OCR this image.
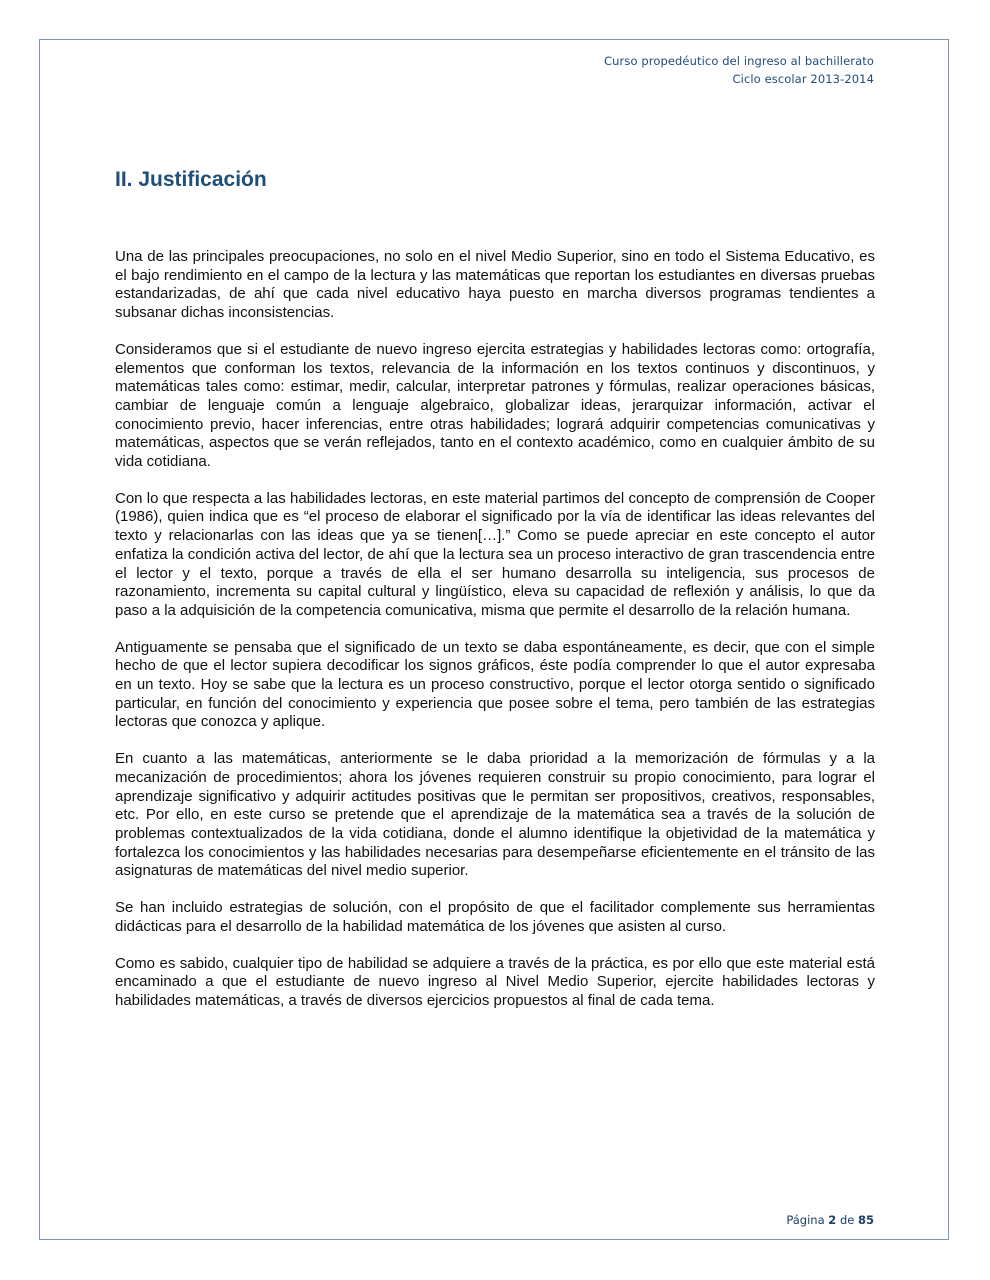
Curso propedéutico del ingreso al bachillerato
Ciclo escolar 2013-2014
II. Justificación

Una de las principales preocupaciones, no solo en el nivel Medio Superior, sino en todo el Sistema Educativo, es el bajo rendimiento en el campo de la lectura y las matemáticas que reportan los estudiantes en diversas pruebas estandarizadas, de ahí que cada nivel educativo haya puesto en marcha diversos programas tendientes a subsanar dichas inconsistencias.

Consideramos que si el estudiante de nuevo ingreso ejercita estrategias y habilidades lectoras como: ortografía, elementos que conforman los textos, relevancia de la información en los textos continuos y discontinuos, y matemáticas tales como: estimar, medir, calcular, interpretar patrones y fórmulas, realizar operaciones básicas, cambiar de lenguaje común a lenguaje algebraico, globalizar ideas, jerarquizar información, activar el conocimiento previo, hacer inferencias, entre otras habilidades; logrará adquirir competencias comunicativas y matemáticas, aspectos que se verán reflejados, tanto en el contexto académico, como en cualquier ámbito de su vida cotidiana.

Con lo que respecta a las habilidades lectoras, en este material partimos del concepto de comprensión de Cooper (1986), quien indica que es “el proceso de elaborar el significado por la vía de identificar las ideas relevantes del texto y relacionarlas con las ideas que ya se tienen[…].” Como se puede apreciar en este concepto el autor enfatiza la condición activa del lector, de ahí que la lectura sea un proceso interactivo de gran trascendencia entre el lector y el texto, porque a través de ella el ser humano desarrolla su inteligencia, sus procesos de razonamiento, incrementa su capital cultural y lingüístico, eleva su capacidad de reflexión y análisis, lo que da paso a la adquisición de la competencia comunicativa, misma que permite el desarrollo de la relación humana.

Antiguamente se pensaba que el significado de un texto se daba espontáneamente, es decir, que con el simple hecho de que el lector supiera decodificar los signos gráficos, éste podía comprender lo que el autor expresaba en un texto. Hoy se sabe que la lectura es un proceso constructivo, porque el lector otorga sentido o significado particular, en función del conocimiento y experiencia que posee sobre el tema, pero también de las estrategias lectoras que conozca y aplique.

En cuanto a las matemáticas, anteriormente se le daba prioridad a la memorización de fórmulas y a la mecanización de procedimientos; ahora los jóvenes requieren construir su propio conocimiento, para lograr el aprendizaje significativo y adquirir actitudes positivas que le permitan ser propositivos, creativos, responsables, etc. Por ello, en este curso se pretende que el aprendizaje de la matemática sea a través de la solución de problemas contextualizados de la vida cotidiana, donde el alumno identifique la objetividad de la matemática y fortalezca los conocimientos y las habilidades necesarias para desempeñarse eficientemente en el tránsito de las asignaturas de matemáticas del nivel medio superior.

Se han incluido estrategias de solución, con el propósito de que el facilitador complemente sus herramientas didácticas para el desarrollo de la habilidad matemática de los jóvenes que asisten al curso.

Como es sabido, cualquier tipo de habilidad se adquiere a través de la práctica, es por ello que este material está encaminado a que el estudiante de nuevo ingreso al Nivel Medio Superior, ejercite habilidades lectoras y habilidades matemáticas, a través de diversos ejercicios propuestos al final de cada tema.

Página 2 de 85
